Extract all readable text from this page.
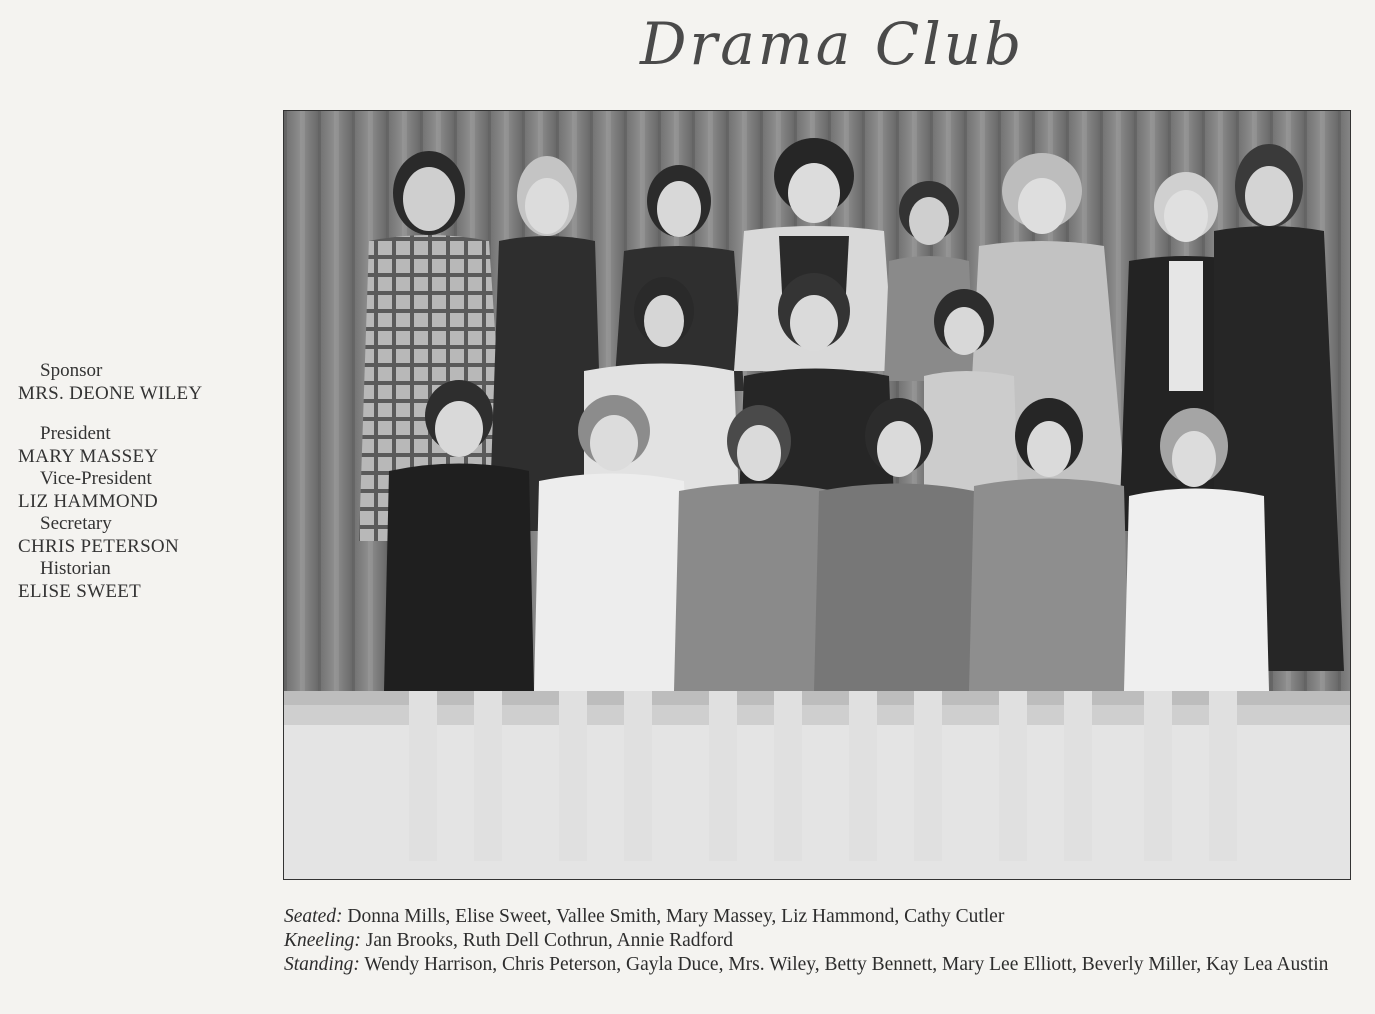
Drama Club
Sponsor
MRS. DEONE WILEY
President
MARY MASSEY
Vice-President
LIZ HAMMOND
Secretary
CHRIS PETERSON
Historian
ELISE SWEET
Seated: Donna Mills, Elise Sweet, Vallee Smith, Mary Massey, Liz Hammond, Cathy Cutler
Kneeling: Jan Brooks, Ruth Dell Cothrun, Annie Radford
Standing: Wendy Harrison, Chris Peterson, Gayla Duce, Mrs. Wiley, Betty Bennett, Mary Lee Elliott, Beverly Miller, Kay Lea Austin
